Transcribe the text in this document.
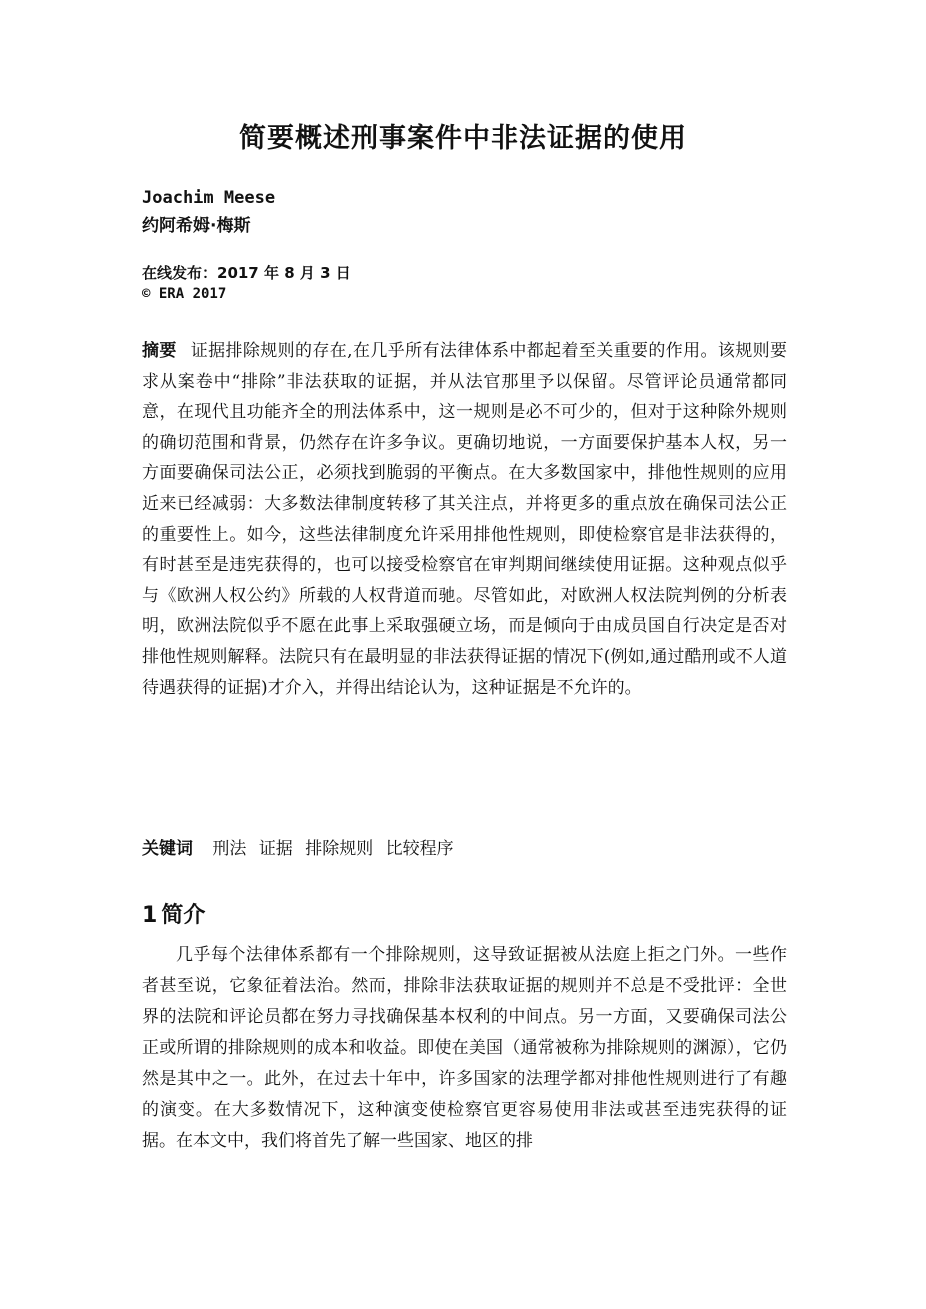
简要概述刑事案件中非法证据的使用
Joachim Meese
约阿希姆·梅斯
在线发布：2017 年 8 月 3 日
© ERA 2017
摘要 证据排除规则的存在,在几乎所有法律体系中都起着至关重要的作用。该规则要求从案卷中“排除”非法获取的证据，并从法官那里予以保留。尽管评论员通常都同意，在现代且功能齐全的刑法体系中，这一规则是必不可少的，但对于这种除外规则的确切范围和背景，仍然存在许多争议。更确切地说，一方面要保护基本人权，另一方面要确保司法公正，必须找到脆弱的平衡点。在大多数国家中，排他性规则的应用近来已经减弱：大多数法律制度转移了其关注点，并将更多的重点放在确保司法公正的重要性上。如今，这些法律制度允许采用排他性规则，即使检察官是非法获得的，有时甚至是违宪获得的，也可以接受检察官在审判期间继续使用证据。这种观点似乎与《欧洲人权公约》所载的人权背道而驰。尽管如此，对欧洲人权法院判例的分析表明，欧洲法院似乎不愿在此事上采取强硬立场，而是倾向于由成员国自行决定是否对排他性规则解释。法院只有在最明显的非法获得证据的情况下(例如,通过酷刑或不人道待遇获得的证据)才介入，并得出结论认为，这种证据是不允许的。
关键词 刑法 证据 排除规则 比较程序
1 简介
几乎每个法律体系都有一个排除规则，这导致证据被从法庭上拒之门外。一些作者甚至说，它象征着法治。然而，排除非法获取证据的规则并不总是不受批评：全世界的法院和评论员都在努力寻找确保基本权利的中间点。另一方面，又要确保司法公正或所谓的排除规则的成本和收益。即使在美国（通常被称为排除规则的渊源），它仍然是其中之一。此外，在过去十年中，许多国家的法理学都对排他性规则进行了有趣的演变。在大多数情况下，这种演变使检察官更容易使用非法或甚至违宪获得的证据。在本文中，我们将首先了解一些国家、地区的排
